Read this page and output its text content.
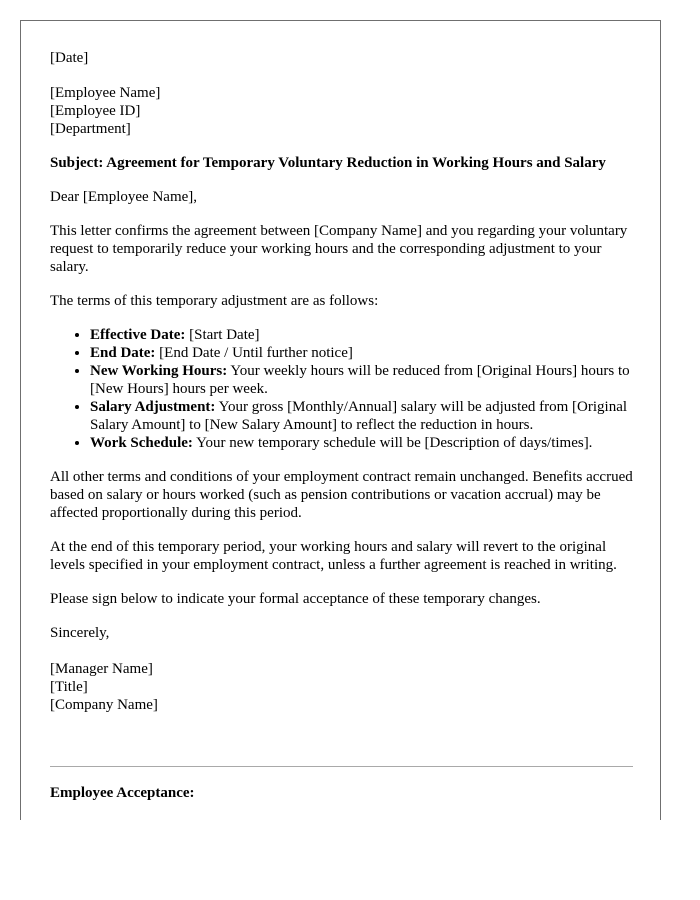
[Date]

[Employee Name]

[Employee ID]

[Department]

Subject: Agreement for Temporary Voluntary Reduction in Working Hours and Salary

Dear [Employee Name],

This letter confirms the agreement between [Company Name] and you regarding your voluntary request to temporarily reduce your working hours and the corresponding adjustment to your salary.

The terms of this temporary adjustment are as follows:

• Effective Date: [Start Date]
• End Date: [End Date / Until further notice]
• New Working Hours: Your weekly hours will be reduced from [Original Hours] hours to [New Hours] hours per week.
• Salary Adjustment: Your gross [Monthly/Annual] salary will be adjusted from [Original Salary Amount] to [New Salary Amount] to reflect the reduction in hours.
• Work Schedule: Your new temporary schedule will be [Description of days/times].

All other terms and conditions of your employment contract remain unchanged. Benefits accrued based on salary or hours worked (such as pension contributions or vacation accrual) may be affected proportionally during this period.

At the end of this temporary period, your working hours and salary will revert to the original levels specified in your employment contract, unless a further agreement is reached in writing.

Please sign below to indicate your formal acceptance of these temporary changes.

Sincerely,

[Manager Name]

[Title]

[Company Name]

Employee Acceptance:
